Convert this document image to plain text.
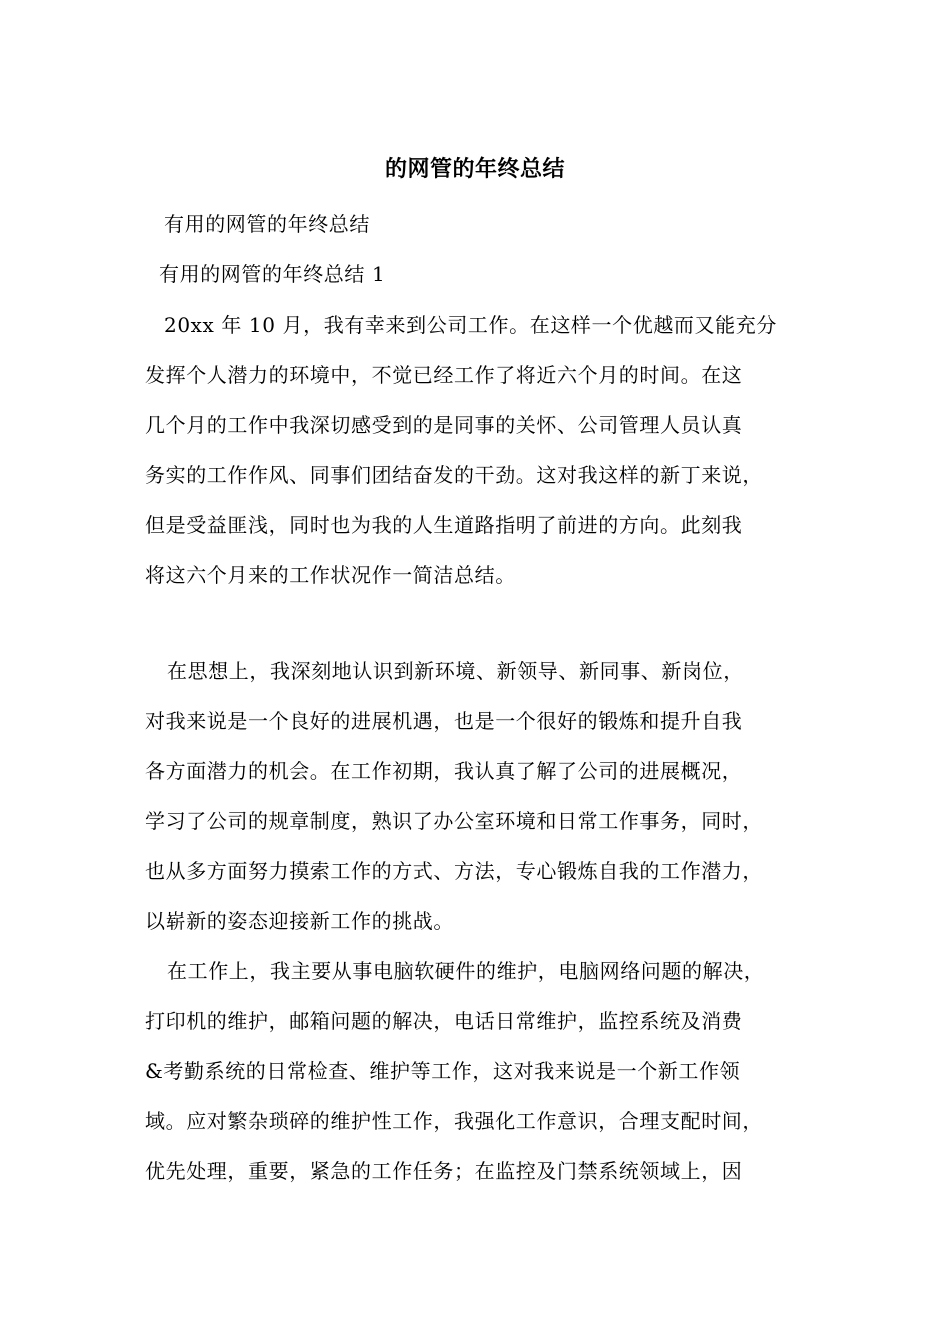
的网管的年终总结
有用的网管的年终总结
有用的网管的年终总结 1
20xx 年 10 月，我有幸来到公司工作。在这样一个优越而又能充分
发挥个人潜力的环境中，不觉已经工作了将近六个月的时间。在这
几个月的工作中我深切感受到的是同事的关怀、公司管理人员认真
务实的工作作风、同事们团结奋发的干劲。这对我这样的新丁来说，
但是受益匪浅，同时也为我的人生道路指明了前进的方向。此刻我
将这六个月来的工作状况作一简洁总结。
在思想上，我深刻地认识到新环境、新领导、新同事、新岗位，
对我来说是一个良好的进展机遇，也是一个很好的锻炼和提升自我
各方面潜力的机会。在工作初期，我认真了解了公司的进展概况，
学习了公司的规章制度，熟识了办公室环境和日常工作事务，同时，
也从多方面努力摸索工作的方式、方法，专心锻炼自我的工作潜力，
以崭新的姿态迎接新工作的挑战。
在工作上，我主要从事电脑软硬件的维护，电脑网络问题的解决，
打印机的维护，邮箱问题的解决，电话日常维护，监控系统及消费
&考勤系统的日常检查、维护等工作，这对我来说是一个新工作领
域。应对繁杂琐碎的维护性工作，我强化工作意识，合理支配时间，
优先处理，重要，紧急的工作任务；在监控及门禁系统领域上，因
